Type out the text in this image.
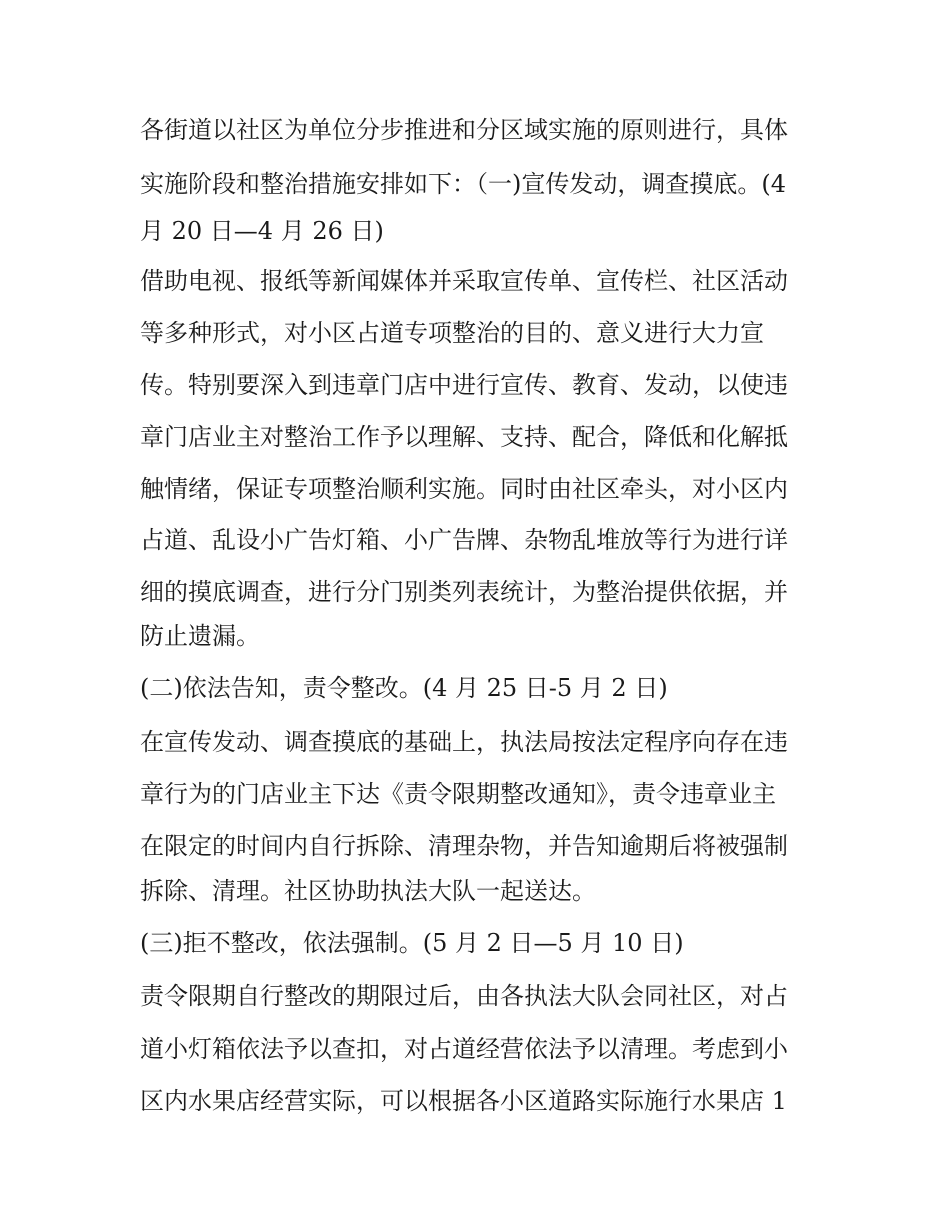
各街道以社区为单位分步推进和分区域实施的原则进行，具体
实施阶段和整治措施安排如下：（一)宣传发动，调查摸底。(4
月 20 日—4 月 26 日)
借助电视、报纸等新闻媒体并采取宣传单、宣传栏、社区活动
等多种形式，对小区占道专项整治的目的、意义进行大力宣
传。特别要深入到违章门店中进行宣传、教育、发动，以使违
章门店业主对整治工作予以理解、支持、配合，降低和化解抵
触情绪，保证专项整治顺利实施。同时由社区牵头，对小区内
占道、乱设小广告灯箱、小广告牌、杂物乱堆放等行为进行详
细的摸底调查，进行分门别类列表统计，为整治提供依据，并
防止遗漏。
(二)依法告知，责令整改。(4 月 25 日-5 月 2 日)
在宣传发动、调查摸底的基础上，执法局按法定程序向存在违
章行为的门店业主下达《责令限期整改通知》，责令违章业主
在限定的时间内自行拆除、清理杂物，并告知逾期后将被强制
拆除、清理。社区协助执法大队一起送达。
(三)拒不整改，依法强制。(5 月 2 日—5 月 10 日)
责令限期自行整改的期限过后，由各执法大队会同社区，对占
道小灯箱依法予以查扣，对占道经营依法予以清理。考虑到小
区内水果店经营实际，可以根据各小区道路实际施行水果店 1
